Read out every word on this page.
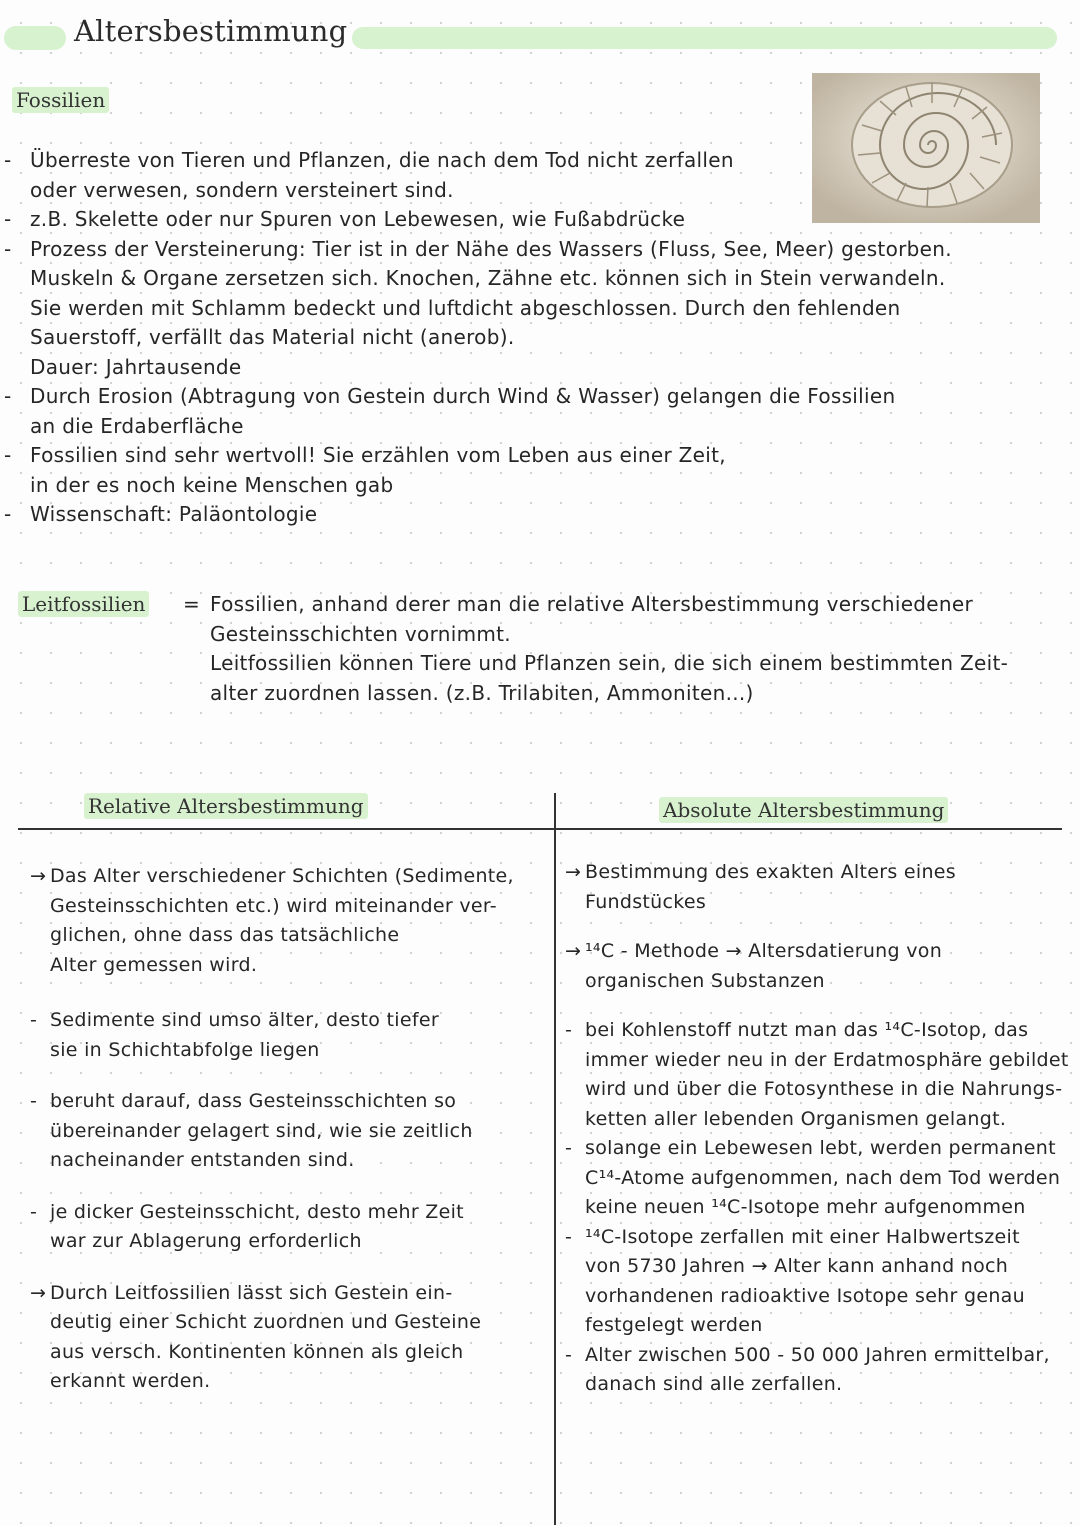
Altersbestimmung
Fossilien
- Überreste von Tieren und Pflanzen, die nach dem Tod nicht zerfallen
oder verwesen, sondern versteinert sind.
- z.B. Skelette oder nur Spuren von Lebewesen, wie Fußabdrücke
- Prozess der Versteinerung: Tier ist in der Nähe des Wassers (Fluss, See, Meer) gestorben.
Muskeln & Organe zersetzen sich. Knochen, Zähne etc. können sich in Stein verwandeln.
Sie werden mit Schlamm bedeckt und luftdicht abgeschlossen. Durch den fehlenden
Sauerstoff, verfällt das Material nicht (anerob).
Dauer: Jahrtausende
- Durch Erosion (Abtragung von Gestein durch Wind & Wasser) gelangen die Fossilien
an die Erdaberfläche
- Fossilien sind sehr wertvoll! Sie erzählen vom Leben aus einer Zeit,
in der es noch keine Menschen gab
- Wissenschaft: Paläontologie
Leitfossilien = Fossilien, anhand derer man die relative Altersbestimmung verschiedener
Gesteinsschichten vornimmt.
Leitfossilien können Tiere und Pflanzen sein, die sich einem bestimmten Zeit-
alter zuordnen lassen. (z.B. Trilabiten, Ammoniten...)
Relative Altersbestimmung	Absolute Altersbestimmung
→ Das Alter verschiedener Schichten (Sedimente,
Gesteinsschichten etc.) wird miteinander ver-
glichen, ohne dass das tatsächliche
Alter gemessen wird.
- Sedimente sind umso älter, desto tiefer
sie in Schichtabfolge liegen
- beruht darauf, dass Gesteinsschichten so
übereinander gelagert sind, wie sie zeitlich
nacheinander entstanden sind.
- je dicker Gesteinsschicht, desto mehr Zeit
war zur Ablagerung erforderlich
→ Durch Leitfossilien lässt sich Gestein ein-
deutig einer Schicht zuordnen und Gesteine
aus versch. Kontinenten können als gleich
erkannt werden.
→ Bestimmung des exakten Alters eines
Fundstückes
→ ¹⁴C - Methode → Altersdatierung von
organischen Substanzen
- bei Kohlenstoff nutzt man das ¹⁴C-Isotop, das
immer wieder neu in der Erdatmosphäre gebildet
wird und über die Fotosynthese in die Nahrungs-
ketten aller lebenden Organismen gelangt.
- solange ein Lebewesen lebt, werden permanent
C¹⁴-Atome aufgenommen, nach dem Tod werden
keine neuen ¹⁴C-Isotope mehr aufgenommen
- ¹⁴C-Isotope zerfallen mit einer Halbwertszeit
von 5730 Jahren → Alter kann anhand noch
vorhandenen radioaktive Isotope sehr genau
festgelegt werden
- Alter zwischen 500 - 50 000 Jahren ermittelbar,
danach sind alle zerfallen.
